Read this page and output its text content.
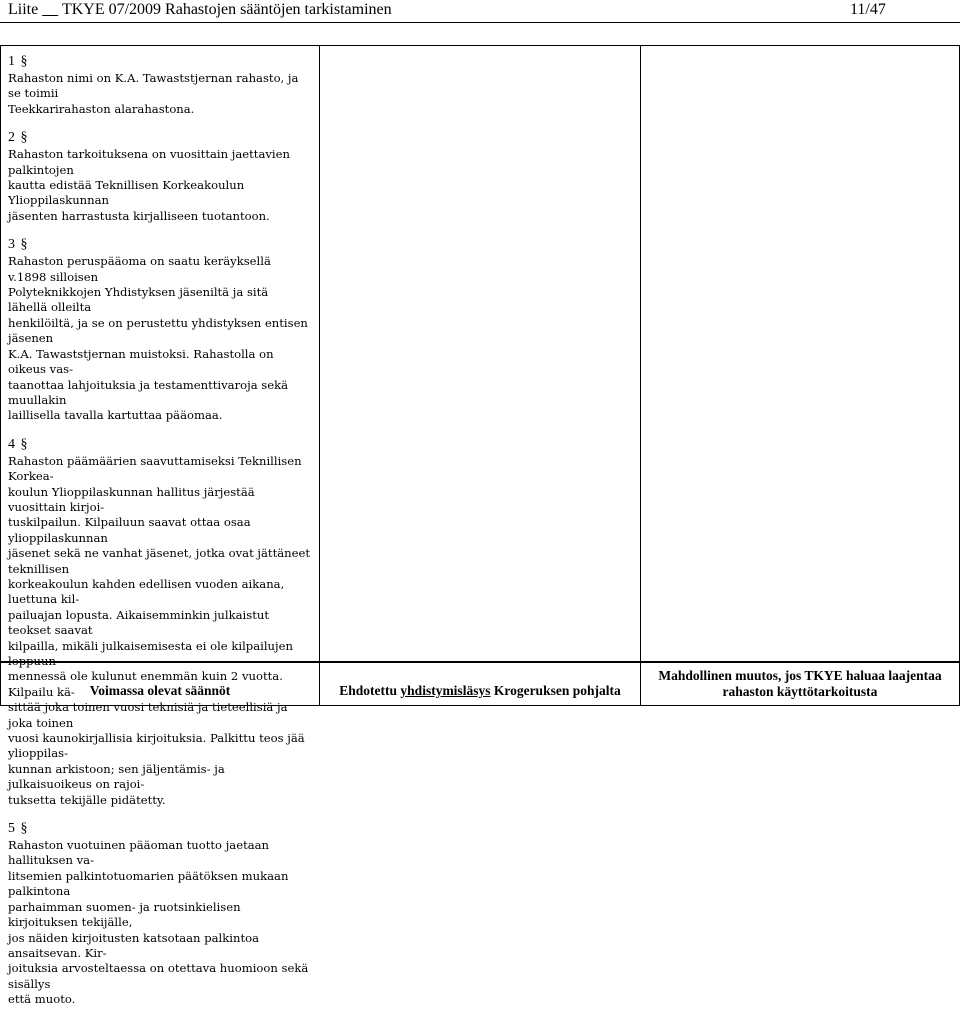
Liite TKYE 07/2009 Rahastojen sääntöjen tarkistaminen	11/47
1 §
Rahaston nimi on K.A. Tawaststjernan rahasto, ja se toimii
Teekkarirahaston alarahastona.
2 §
Rahaston tarkoituksena on vuosittain jaettavien palkintojen
kautta edistää Teknillisen Korkeakoulun Ylioppilaskunnan
jäsenten harrastusta kirjalliseen tuotantoon.
3 §
Rahaston peruspääoma on saatu keräyksellä v.1898 silloisen
Polyteknikkojen Yhdistyksen jäseniltä ja sitä lähellä olleilta
henkilöiltä, ja se on perustettu yhdistyksen entisen jäsenen
K.A. Tawaststjernan muistoksi. Rahastolla on oikeus vas-
taanottaa lahjoituksia ja testamenttivaroja sekä muullakin
laillisella tavalla kartuttaa pääomaa.
4 §
Rahaston päämäärien saavuttamiseksi Teknillisen Korkea-
koulun Ylioppilaskunnan hallitus järjestää vuosittain kirjoi-
tuskilpailun. Kilpailuun saavat ottaa osaa ylioppilaskunnan
jäsenet sekä ne vanhat jäsenet, jotka ovat jättäneet teknillisen
korkeakoulun kahden edellisen vuoden aikana, luettuna kil-
pailuajan lopusta. Aikaisemminkin julkaistut teokset saavat
kilpailla, mikäli julkaisemisesta ei ole kilpailujen loppuun
mennessä ole kulunut enemmän kuin 2 vuotta. Kilpailu kä-
sittää joka toinen vuosi teknisiä ja tieteellisiä ja joka toinen
vuosi kaunokirjallisia kirjoituksia. Palkittu teos jää ylioppilas-
kunnan arkistoon; sen jäljentämis- ja julkaisuoikeus on rajoi-
tuksetta tekijälle pidätetty.
5 §
Rahaston vuotuinen pääoman tuotto jaetaan hallituksen va-
litsemien palkintotuomarien päätöksen mukaan palkintona
parhaimman suomen- ja ruotsinkielisen kirjoituksen tekijälle,
jos näiden kirjoitusten katsotaan palkintoa ansaitsevan. Kir-
joituksia arvosteltaessa on otettava huomioon sekä sisällys
että muoto.
Voimassa olevat säännöt	Ehdotettu yhdistymisläsys Krogeruksen pohjalta
Mahdollinen muutos, jos TKYE haluaa laajentaa rahaston käyttötarkoitusta
